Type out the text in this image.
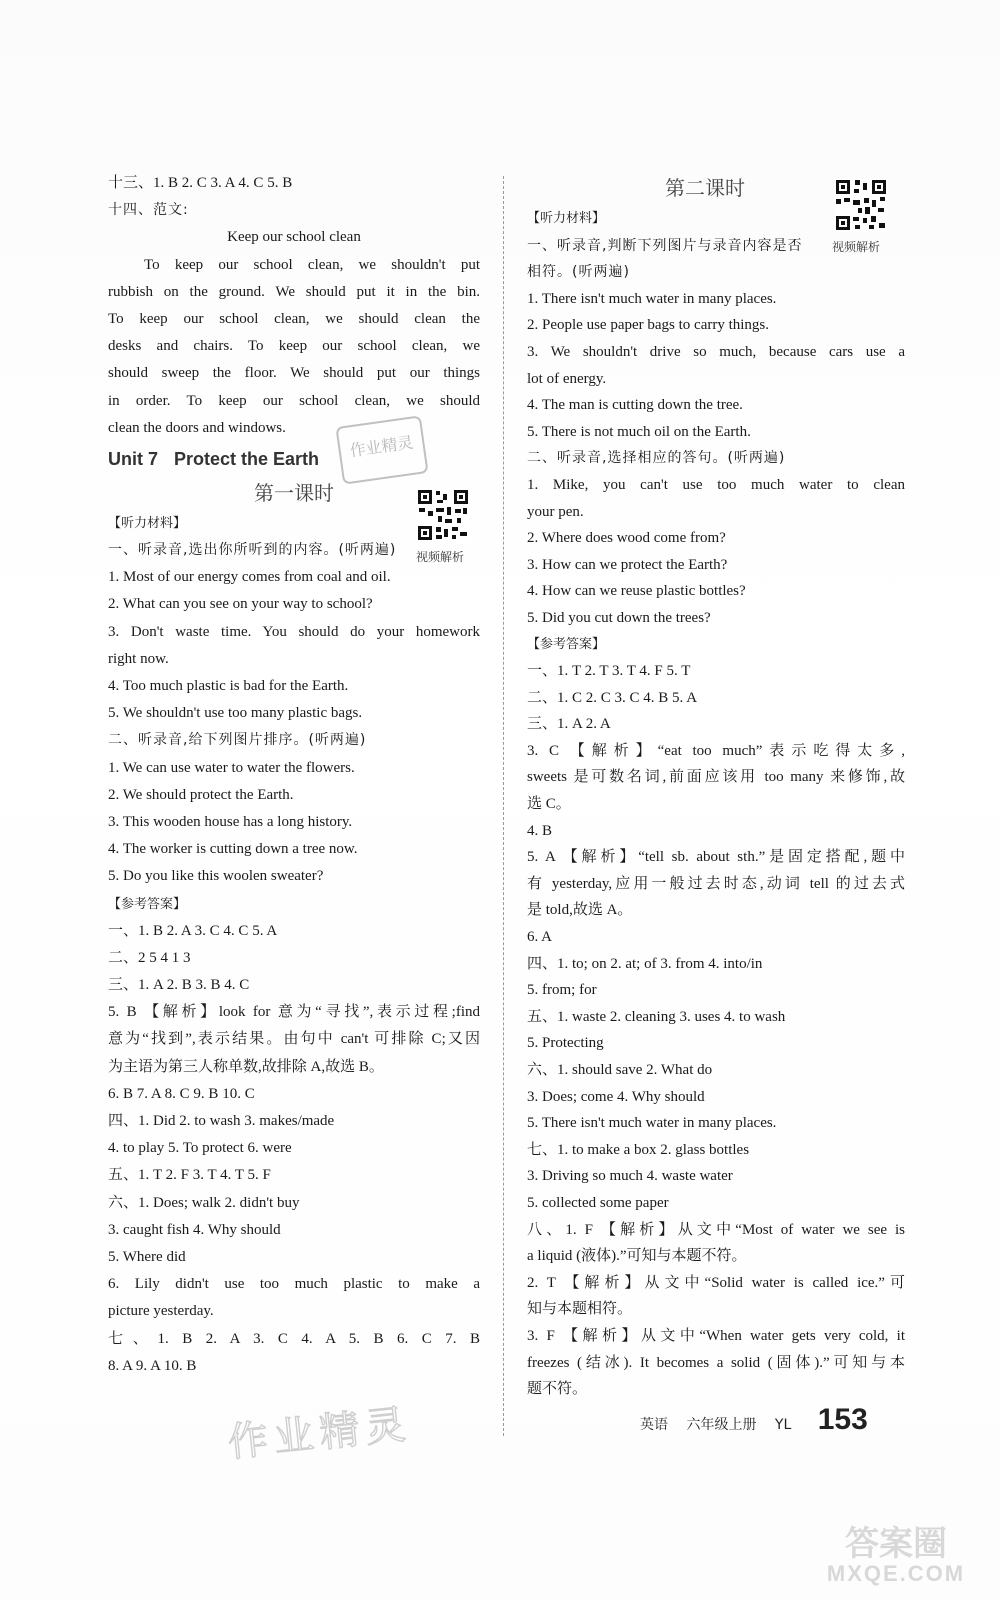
十三、1. B 2. C 3. A 4. C 5. B
十四、范文:
Keep our school clean
To keep our school clean, we shouldn't put
rubbish on the ground. We should put it in the bin.
To keep our school clean, we should clean the
desks and chairs. To keep our school clean, we
should sweep the floor. We should put our things
in order. To keep our school clean, we should
clean the doors and windows.
Unit 7 Protect the Earth
第一课时
【听力材料】
一、听录音,选出你所听到的内容。(听两遍)
1. Most of our energy comes from coal and oil.
2. What can you see on your way to school?
3. Don't waste time. You should do your homework
right now.
4. Too much plastic is bad for the Earth.
5. We shouldn't use too many plastic bags.
二、听录音,给下列图片排序。(听两遍)
1. We can use water to water the flowers.
2. We should protect the Earth.
3. This wooden house has a long history.
4. The worker is cutting down a tree now.
5. Do you like this woolen sweater?
【参考答案】
一、1. B 2. A 3. C 4. C 5. A
二、2 5 4 1 3
三、1. A 2. B 3. B 4. C
5. B 【解析】look for 意为“寻找”,表示过程;find
意为“找到”,表示结果。由句中 can't 可排除 C;又因
为主语为第三人称单数,故排除 A,故选 B。
6. B 7. A 8. C 9. B 10. C
四、1. Did 2. to wash 3. makes/made
4. to play 5. To protect 6. were
五、1. T 2. F 3. T 4. T 5. F
六、1. Does; walk 2. didn't buy
3. caught fish 4. Why should
5. Where did
6. Lily didn't use too much plastic to make a
picture yesterday.
七、1. B 2. A 3. C 4. A 5. B 6. C 7. B
8. A 9. A 10. B
第二课时
【听力材料】
一、听录音,判断下列图片与录音内容是否
相符。(听两遍)
1. There isn't much water in many places.
2. People use paper bags to carry things.
3. We shouldn't drive so much, because cars use a
lot of energy.
4. The man is cutting down the tree.
5. There is not much oil on the Earth.
二、听录音,选择相应的答句。(听两遍)
1. Mike, you can't use too much water to clean
your pen.
2. Where does wood come from?
3. How can we protect the Earth?
4. How can we reuse plastic bottles?
5. Did you cut down the trees?
【参考答案】
一、1. T 2. T 3. T 4. F 5. T
二、1. C 2. C 3. C 4. B 5. A
三、1. A 2. A
3. C 【解析】“eat too much”表示吃得太多,
sweets 是可数名词,前面应该用 too many 来修饰,故
选 C。
4. B
5. A 【解析】“tell sb. about sth.”是固定搭配,题中
有 yesterday,应用一般过去时态,动词 tell 的过去式
是 told,故选 A。
6. A
四、1. to; on 2. at; of 3. from 4. into/in
5. from; for
五、1. waste 2. cleaning 3. uses 4. to wash
5. Protecting
六、1. should save 2. What do
3. Does; come 4. Why should
5. There isn't much water in many places.
七、1. to make a box 2. glass bottles
3. Driving so much 4. waste water
5. collected some paper
八、1. F 【解析】从文中“Most of water we see is
a liquid (液体).”可知与本题不符。
2. T 【解析】从文中“Solid water is called ice.”可
知与本题相符。
3. F 【解析】从文中“When water gets very cold, it
freezes (结冰). It becomes a solid (固体).”可知与本
题不符。
视频解析
视频解析
作业精灵
英语 六年级上册 YL 153
作业精灵
答案圈
MXQE.COM
